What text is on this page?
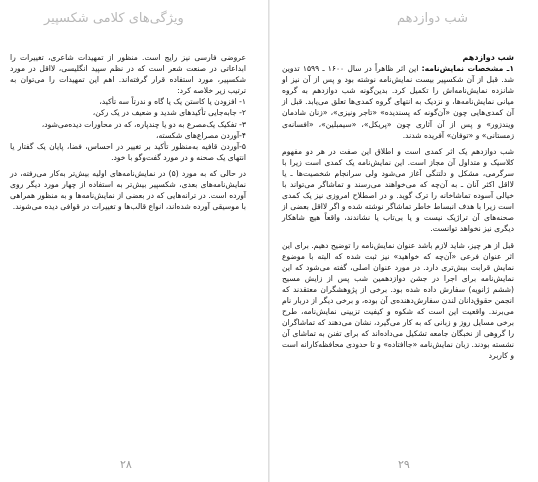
ویژگی‌های کلامی شکسپیر

عروضی فارسی نیز رایج است. منظور از تمهیدات شاعری، تغییرات را ابداعاتی در صنعت شعر است که در نظم سپید انگلیسی، لااقل در مورد شکسپیر، مورد استفاده قرار گرفته‌اند. اهم این تمهیدات را می‌توان به ترتیب زیر خلاصه کرد:

۱- افزودن یا کاستن یک یا گاه و ندرتاً سه تأکید،

۲- جابه‌جایی تأکیدهای شدید و ضعیف در یک رکن،

۳- تفکیک یک‌مصرع به دو یا چندپاره، که در محاورات دیده‌می‌شود،

۴-آوردن مصراع‌های شکسته،

۵-آوردن قافیه به‌منظور تأکید بر تغییر در احساس، فضا، پایان یک گفتار یا انتهای یک صحنه و در مورد گفت‌وگو با خود.

در حالی که به مورد (۵) در نمایش‌نامه‌های اولیه بیش‌تر به‌کار می‌رفته، در نمایش‌نامه‌های بعدی، شکسپیر بیش‌تر به استفاده از چهار مورد دیگر روی آورده است. در ترانه‌هایی که در بعضی از نمایش‌نامه‌ها و به منظور همراهی با موسیقی آورده شده‌اند، انواع قالب‌ها و تغییرات در قوافی دیده‌ می‌شوند.

۲۸
شب دوازدهم

شب دوازدهم

۱ـ مشخصات نمایش‌نامه: این اثر ظاهراً در سال ۱۶۰۰ ـ ۱۵۹۹ تدوین شد. قبل از آن شکسپیر بیست نمایش‌نامه نوشته بود و پس از آن نیز او شانزده نمایش‌نامه‌اش را تکمیل کرد. بدین‌گونه شب دوازدهم به گروه میانی نمایش‌نامه‌ها، و نزدیک به انتهای گروه کمدی‌ها تعلق می‌یابد. قبل از آن کمدی‌هایی چون «آن‌گونه که پسندیده» «تاجر ونیزی»، «زنان شادمان ویندزور» و پس از آن آثاری چون «پریکل»، «سیمبلین»، «افسانه‌ی زمستانی» و «توفان» آفریده شدند.

شب دوازدهم یک اثر کمدی است و اطلاق این صفت در هر دو مفهوم کلاسیک و متداول آن مجاز است. این نمایش‌نامه یک کمدی است زیرا با سرگرمی، مشکل و دلتنگی آغاز می‌شود ولی سرانجام شخصیت‌ها ـ یا لااقل اکثر آنان ـ به آن‌چه که می‌خواهند می‌رسند و تماشاگر می‌تواند با خیالی آسوده تماشاخانه را ترک گوید. و در اصطلاح امروزی نیز یک کمدی است زیرا با هدف انبساط خاطر تماشاگر نوشته شده و اگر لااقل بعضی از صحنه‌های آن تراژیک نیست و یا بی‌تاب یا نشاندند، واقعاً هیچ شاهکار دیگری نیز نخواهد توانست.

قبل از هر چیز، شاید لازم باشد عنوان نمایش‌نامه را توضیح دهیم. برای این اثر عنوان فرعی «آن‌چه که خواهید» نیز ثبت شده که البته با موضوع نمایش قرابت بیش‌تری دارد. در مورد عنوان اصلی، گفته می‌شود که این نمایش‌نامه برای اجرا در جشن دوازدهمین شب پس از زایش مسیح (ششم ژانویه) سفارش داده شده بود. برخی از پژوهشگران معتقدند که انجمن حقوق‌دانان لندن سفارش‌دهنده‌ی آن بوده، و برخی دیگر از دربار نام می‌برند. واقعیت این است که شکوه و کیفیت تزیینی نمایش‌نامه، طرح برخی مسایل روز و زبانی که به کار می‌گیرد، نشان می‌دهند که تماشاگران را گروهی از نخبگان جامعه تشکیل می‌داده‌اند که برای تفنن به تماشای آن نشسته بودند. زبان نمایش‌نامه «جاافتاده» و تا حدودی محافظه‌کارانه است و کاربرد

۲۹
